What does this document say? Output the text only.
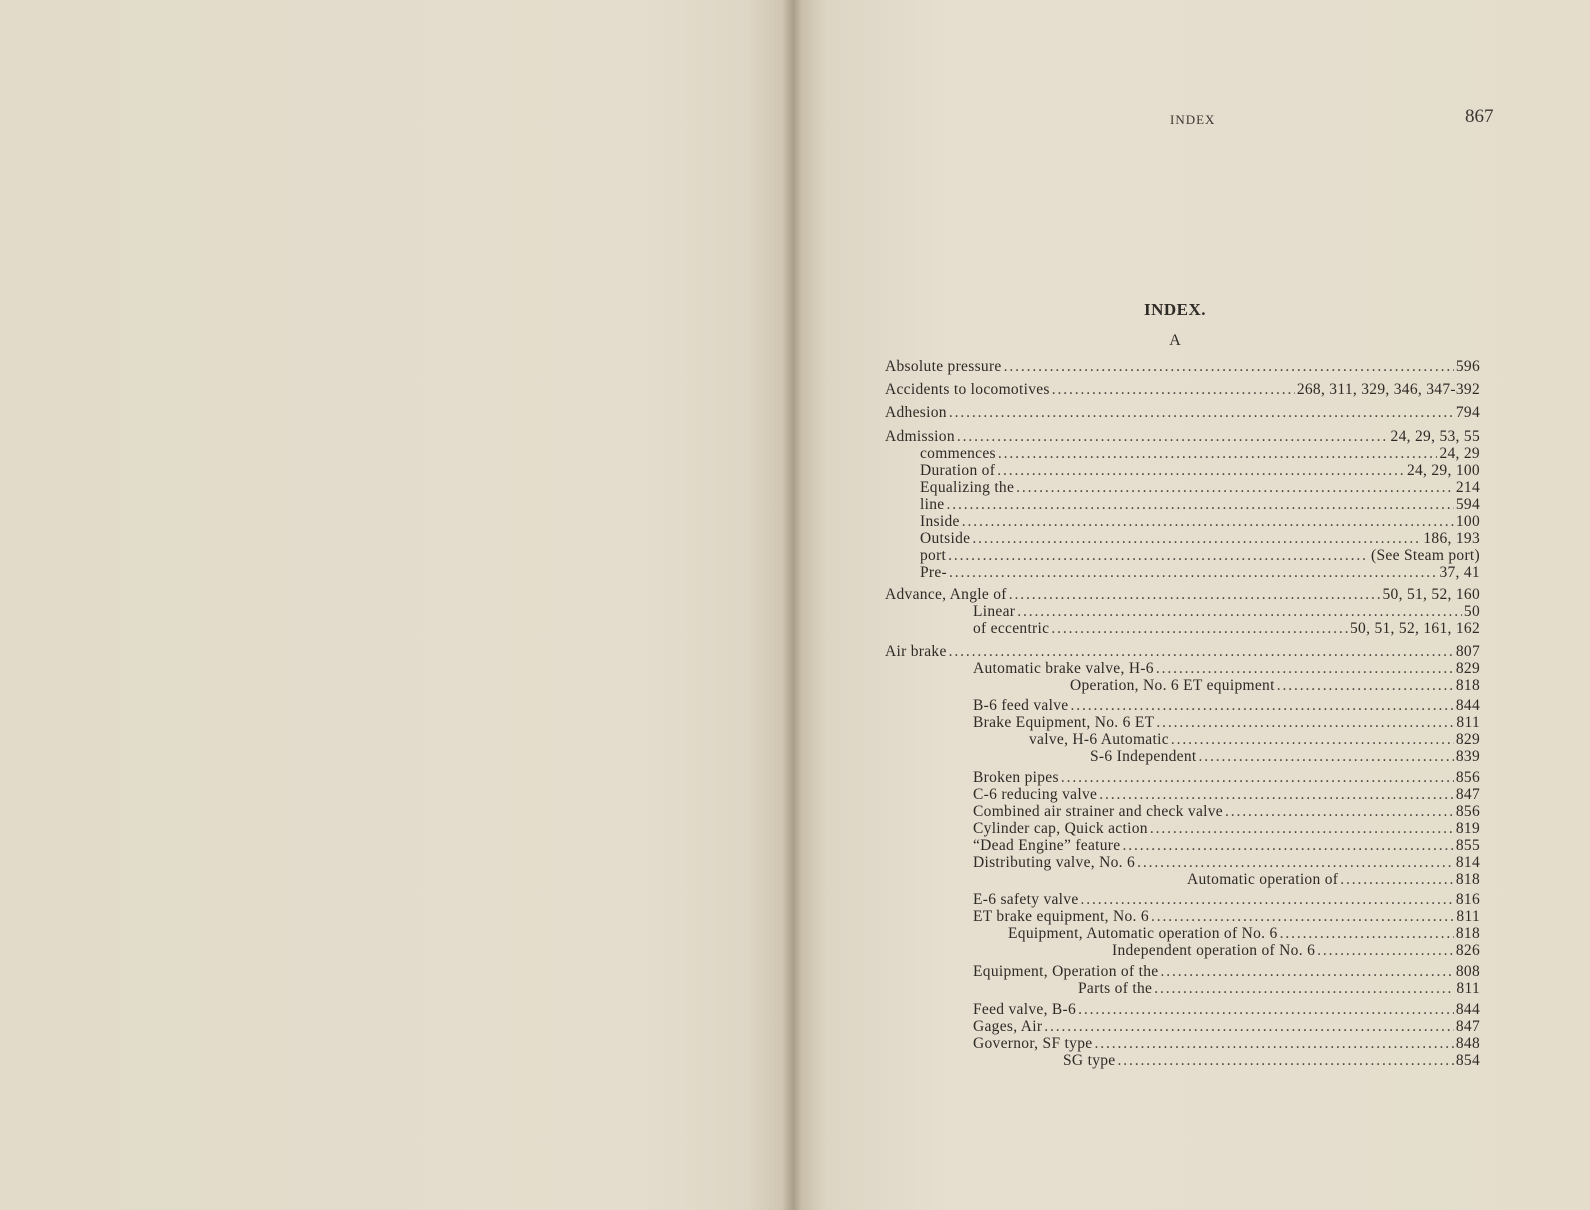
INDEX	867
INDEX.
A
Absolute pressure . . .	596
Accidents to locomotives . . .	268, 311, 329, 346, 347-392
Adhesion . . .	794
Admission . . .	24, 29, 53, 55
commences . . .	24, 29
Duration of . . .	24, 29, 100
Equalizing the . . .	214
line . . .	594
Inside . . .	100
Outside . . .	186, 193
port . . .	(See Steam port)
Pre- . . .	37, 41
Advance, Angle of . . .	50, 51, 52, 160
Linear . . .	50
of eccentric . . .	50, 51, 52, 161, 162
Air brake . . .	807
Automatic brake valve, H-6 . . .	829
Operation, No. 6 ET equipment . . .	818
B-6 feed valve . . .	844
Brake Equipment, No. 6 ET . . .	811
valve, H-6 Automatic . . .	829
S-6 Independent . . .	839
Broken pipes . . .	856
C-6 reducing valve . . .	847
Combined air strainer and check valve . . .	856
Cylinder cap, Quick action . . .	819
“Dead Engine” feature . . .	855
Distributing valve, No. 6 . . .	814
Automatic operation of . . .	818
E-6 safety valve . . .	816
ET brake equipment, No. 6 . . .	811
Equipment, Automatic operation of No. 6 . . .	818
Independent operation of No. 6 . . .	826
Equipment, Operation of the . . .	808
Parts of the . . .	811
Feed valve, B-6 . . .	844
Gages, Air . . .	847
Governor, SF type . . .	848
SG type . . .	854
